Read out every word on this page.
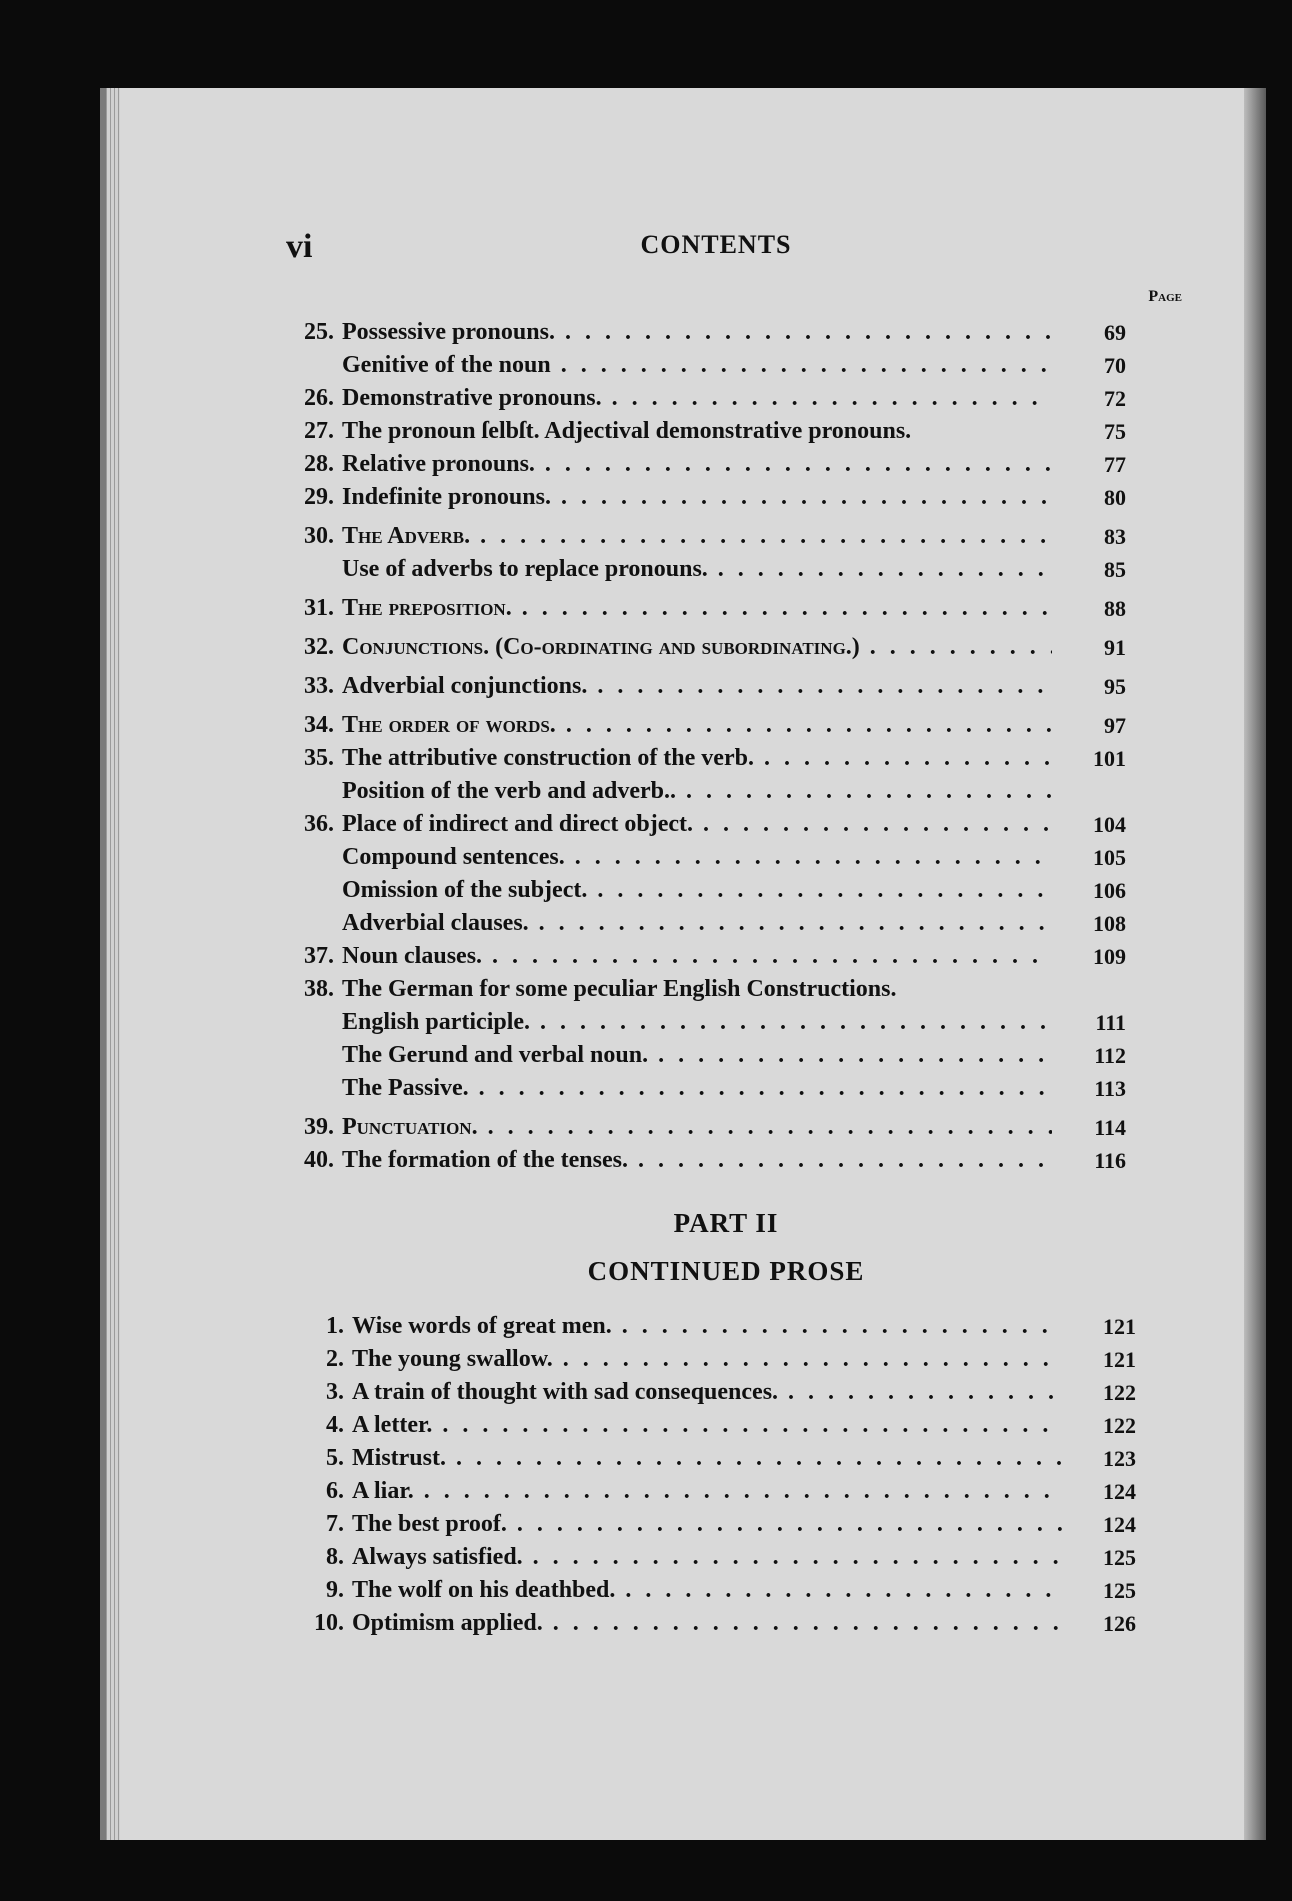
vi	CONTENTS
Page
25. Possessive pronouns. . . .	69
Genitive of the noun . . .	70
26. Demonstrative pronouns. . . .	72
27. The pronoun ſelbſt. Adjectival demonstrative pronouns.	75
28. Relative pronouns. . . .	77
29. Indefinite pronouns. . . .	80
30. The Adverb. . . .	83
Use of adverbs to replace pronouns. . . .	85
31. The preposition. . . .	88
32. Conjunctions. (Co-ordinating and subordinating.) . . .	91
33. Adverbial conjunctions. . . .	95
34. The order of words. . . .	97
35. The attributive construction of the verb. . . .	101
Position of the verb and adverb.. . . .
36. Place of indirect and direct object. . . .	104
Compound sentences. . . .	105
Omission of the subject. . . .	106
Adverbial clauses. . . .	108
37. Noun clauses. . . .	109
38. The German for some peculiar English Constructions.
English participle. . . .	111
The Gerund and verbal noun. . . .	112
The Passive. . . .	113
39. Punctuation. . . .	114
40. The formation of the tenses. . . .	116
PART II
CONTINUED PROSE
1. Wise words of great men. . . .	121
2. The young swallow. . . .	121
3. A train of thought with sad consequences. . . .	122
4. A letter. . . .	122
5. Mistrust. . . .	123
6. A liar. . . .	124
7. The best proof. . . .	124
8. Always satisfied. . . .	125
9. The wolf on his deathbed. . . .	125
10. Optimism applied. . . .	126
